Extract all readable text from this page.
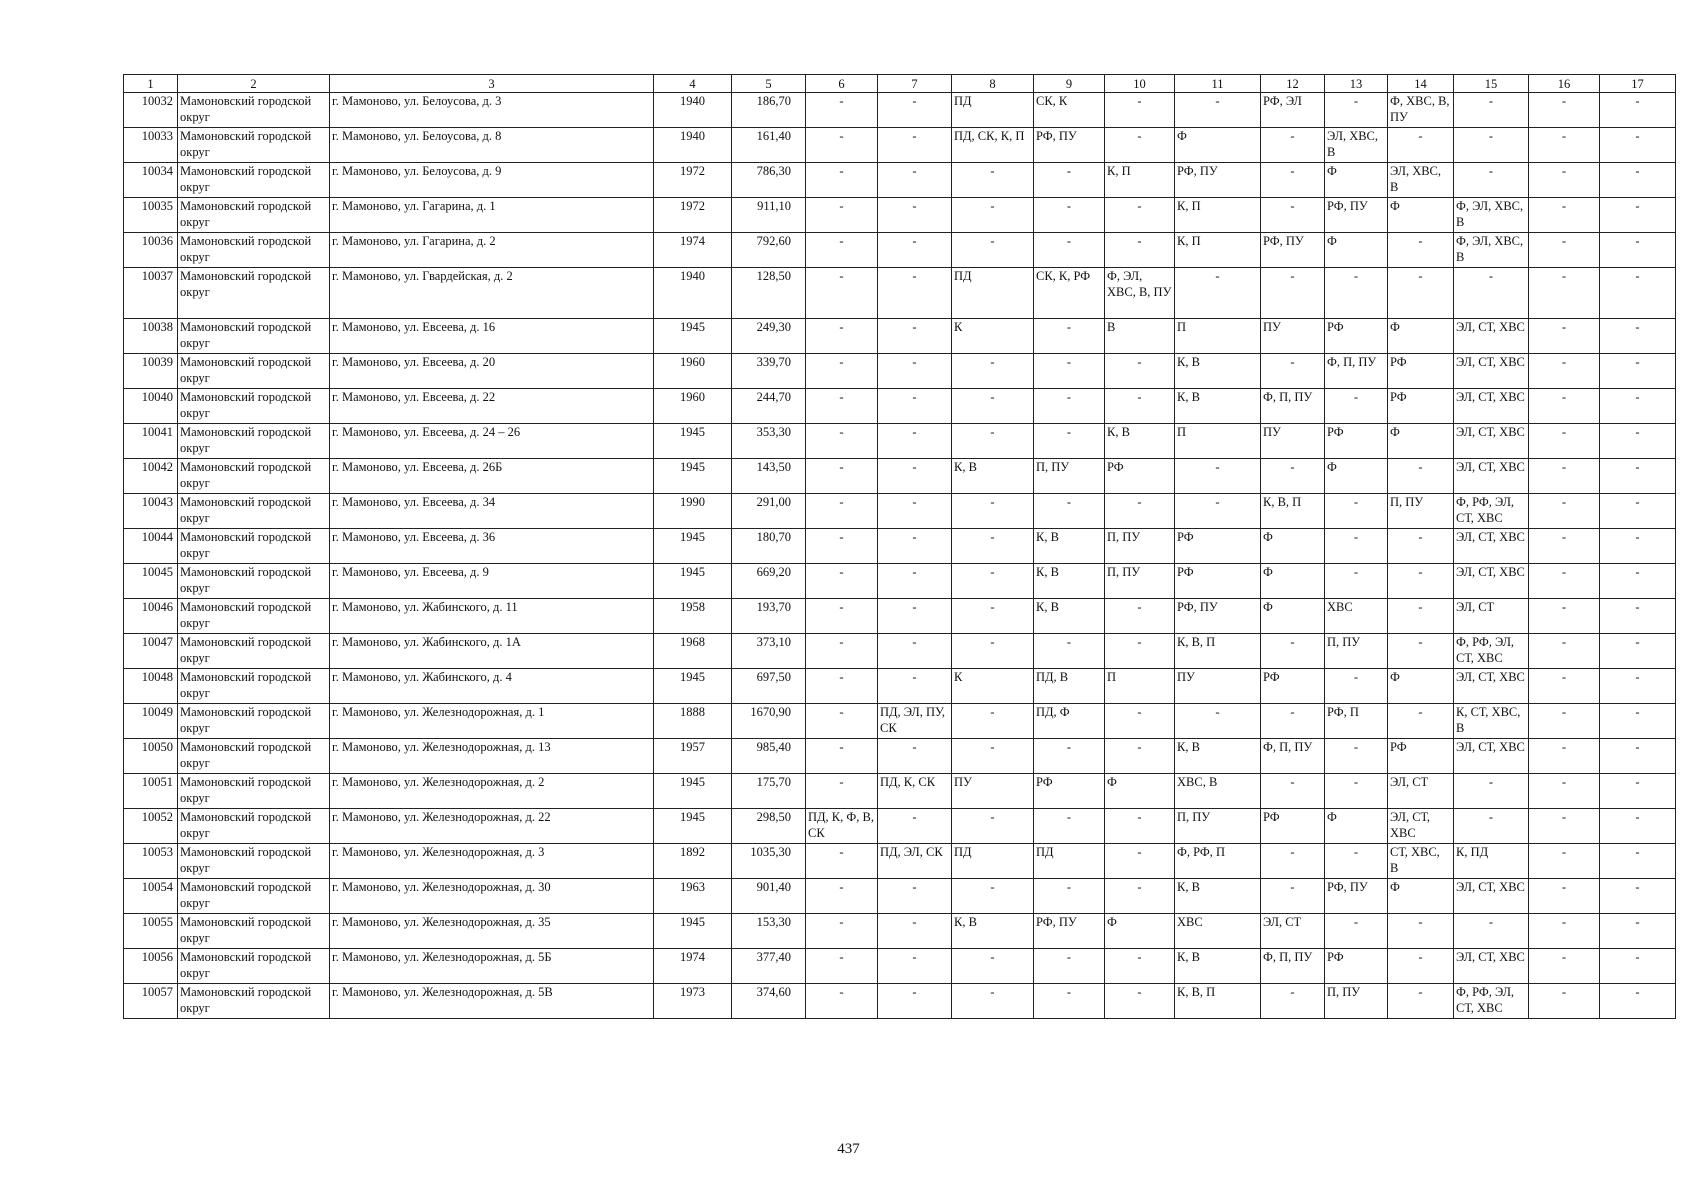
1	2	3	4	5	6	7	8	9	10	11	12	13	14	15	16	17
10032	Мамоновский городской округ	г. Мамоново, ул. Белоусова, д. 3	1940	186,70	-	-	ПД	СК, К	-	-	РФ, ЭЛ	-	Ф, ХВС, В, ПУ	-	-	-
10033	Мамоновский городской округ	г. Мамоново, ул. Белоусова, д. 8	1940	161,40	-	-	ПД, СК, К, П	РФ, ПУ	-	Ф	-	ЭЛ, ХВС, В	-	-	-	-
10034	Мамоновский городской округ	г. Мамоново, ул. Белоусова, д. 9	1972	786,30	-	-	-	-	К, П	РФ, ПУ	-	Ф	ЭЛ, ХВС, В	-	-	-
10035	Мамоновский городской округ	г. Мамоново, ул. Гагарина, д. 1	1972	911,10	-	-	-	-	-	К, П	-	РФ, ПУ	Ф	Ф, ЭЛ, ХВС, В	-	-
10036	Мамоновский городской округ	г. Мамоново, ул. Гагарина, д. 2	1974	792,60	-	-	-	-	-	К, П	РФ, ПУ	Ф	-	Ф, ЭЛ, ХВС, В	-	-
10037	Мамоновский городской округ	г. Мамоново, ул. Гвардейская, д. 2	1940	128,50	-	-	ПД	СК, К, РФ	Ф, ЭЛ, ХВС, В, ПУ	-	-	-	-	-	-	-
10038	Мамоновский городской округ	г. Мамоново, ул. Евсеева, д. 16	1945	249,30	-	-	К	-	В	П	ПУ	РФ	Ф	ЭЛ, СТ, ХВС	-	-
10039	Мамоновский городской округ	г. Мамоново, ул. Евсеева, д. 20	1960	339,70	-	-	-	-	-	К, В	-	Ф, П, ПУ	РФ	ЭЛ, СТ, ХВС	-	-
10040	Мамоновский городской округ	г. Мамоново, ул. Евсеева, д. 22	1960	244,70	-	-	-	-	-	К, В	Ф, П, ПУ	-	РФ	ЭЛ, СТ, ХВС	-	-
10041	Мамоновский городской округ	г. Мамоново, ул. Евсеева, д. 24 – 26	1945	353,30	-	-	-	-	К, В	П	ПУ	РФ	Ф	ЭЛ, СТ, ХВС	-	-
10042	Мамоновский городской округ	г. Мамоново, ул. Евсеева, д. 26Б	1945	143,50	-	-	К, В	П, ПУ	РФ	-	-	Ф	-	ЭЛ, СТ, ХВС	-	-
10043	Мамоновский городской округ	г. Мамоново, ул. Евсеева, д. 34	1990	291,00	-	-	-	-	-	-	К, В, П	-	П, ПУ	Ф, РФ, ЭЛ, СТ, ХВС	-	-
10044	Мамоновский городской округ	г. Мамоново, ул. Евсеева, д. 36	1945	180,70	-	-	-	К, В	П, ПУ	РФ	Ф	-	-	ЭЛ, СТ, ХВС	-	-
10045	Мамоновский городской округ	г. Мамоново, ул. Евсеева, д. 9	1945	669,20	-	-	-	К, В	П, ПУ	РФ	Ф	-	-	ЭЛ, СТ, ХВС	-	-
10046	Мамоновский городской округ	г. Мамоново, ул. Жабинского, д. 11	1958	193,70	-	-	-	К, В	-	РФ, ПУ	Ф	ХВС	-	ЭЛ, СТ	-	-
10047	Мамоновский городской округ	г. Мамоново, ул. Жабинского, д. 1А	1968	373,10	-	-	-	-	-	К, В, П	-	П, ПУ	-	Ф, РФ, ЭЛ, СТ, ХВС	-	-
10048	Мамоновский городской округ	г. Мамоново, ул. Жабинского, д. 4	1945	697,50	-	-	К	ПД, В	П	ПУ	РФ	-	Ф	ЭЛ, СТ, ХВС	-	-
10049	Мамоновский городской округ	г. Мамоново, ул. Железнодорожная, д. 1	1888	1670,90	-	ПД, ЭЛ, ПУ, СК	-	ПД, Ф	-	-	-	РФ, П	-	К, СТ, ХВС, В	-	-
10050	Мамоновский городской округ	г. Мамоново, ул. Железнодорожная, д. 13	1957	985,40	-	-	-	-	-	К, В	Ф, П, ПУ	-	РФ	ЭЛ, СТ, ХВС	-	-
10051	Мамоновский городской округ	г. Мамоново, ул. Железнодорожная, д. 2	1945	175,70	-	ПД, К, СК	ПУ	РФ	Ф	ХВС, В	-	-	ЭЛ, СТ	-	-	-
10052	Мамоновский городской округ	г. Мамоново, ул. Железнодорожная, д. 22	1945	298,50	ПД, К, Ф, В, СК	-	-	-	-	П, ПУ	РФ	Ф	ЭЛ, СТ, ХВС	-	-	-
10053	Мамоновский городской округ	г. Мамоново, ул. Железнодорожная, д. 3	1892	1035,30	-	ПД, ЭЛ, СК	ПД	ПД	-	Ф, РФ, П	-	-	СТ, ХВС, В	К, ПД	-	-
10054	Мамоновский городской округ	г. Мамоново, ул. Железнодорожная, д. 30	1963	901,40	-	-	-	-	-	К, В	-	РФ, ПУ	Ф	ЭЛ, СТ, ХВС	-	-
10055	Мамоновский городской округ	г. Мамоново, ул. Железнодорожная, д. 35	1945	153,30	-	-	К, В	РФ, ПУ	Ф	ХВС	ЭЛ, СТ	-	-	-	-	-
10056	Мамоновский городской округ	г. Мамоново, ул. Железнодорожная, д. 5Б	1974	377,40	-	-	-	-	-	К, В	Ф, П, ПУ	РФ	-	ЭЛ, СТ, ХВС	-	-
10057	Мамоновский городской округ	г. Мамоново, ул. Железнодорожная, д. 5В	1973	374,60	-	-	-	-	-	К, В, П	-	П, ПУ	-	Ф, РФ, ЭЛ, СТ, ХВС	-	-
437
